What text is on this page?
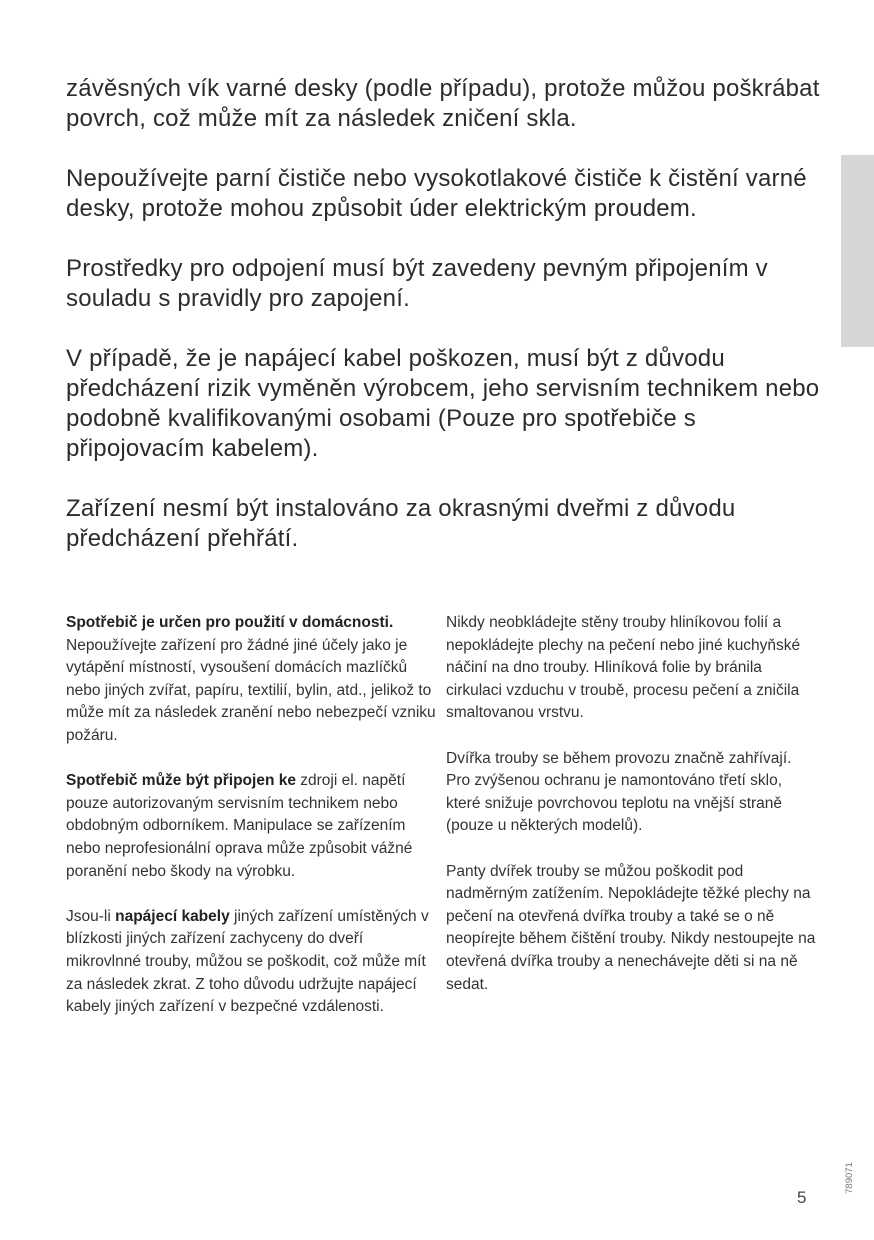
závěsných vík varné desky (podle případu), protože můžou poškrábat povrch, což může mít za následek zničení skla.

Nepoužívejte parní čističe nebo vysokotlakové čističe k čistění varné desky, protože mohou způsobit úder elektrickým proudem.

Prostředky pro odpojení musí být zavedeny pevným připojením v souladu s pravidly pro zapojení.

V případě, že je napájecí kabel poškozen, musí být z důvodu předcházení rizik vyměněn výrobcem, jeho servisním technikem nebo podobně kvalifikovanými osobami (Pouze pro spotřebiče s připojovacím kabelem).

Zařízení nesmí být instalováno za okrasnými dveřmi z důvodu předcházení přehřátí.

Spotřebič je určen pro použití v domácnosti. Nepoužívejte zařízení pro žádné jiné účely jako je vytápění místností, vysoušení domácích mazlíčků nebo jiných zvířat, papíru, textilií, bylin, atd., jelikož to může mít za následek zranění nebo nebezpečí vzniku požáru.

Spotřebič může být připojen ke zdroji el. napětí pouze autorizovaným servisním technikem nebo obdobným odborníkem. Manipulace se zařízením nebo neprofesionální oprava může způsobit vážné poranění nebo škody na výrobku.

Jsou-li napájecí kabely jiných zařízení umístěných v blízkosti jiných zařízení zachyceny do dveří mikrovlnné trouby, můžou se poškodit, což může mít za následek zkrat. Z toho důvodu udržujte napájecí kabely jiných zařízení v bezpečné vzdálenosti.

Nikdy neobkládejte stěny trouby hliníkovou folií a nepokládejte plechy na pečení nebo jiné kuchyňské náčiní na dno trouby. Hliníková folie by bránila cirkulaci vzduchu v troubě, procesu pečení a zničila smaltovanou vrstvu.

Dvířka trouby se během provozu značně zahřívají. Pro zvýšenou ochranu je namontováno třetí sklo, které snižuje povrchovou teplotu na vnější straně (pouze u některých modelů).

Panty dvířek trouby se můžou poškodit pod nadměrným zatížením. Nepokládejte těžké plechy na pečení na otevřená dvířka trouby a také se o ně neopírejte během čištění trouby. Nikdy nestoupejte na otevřená dvířka trouby a nenechávejte děti si na ně sedat.

789071
5
